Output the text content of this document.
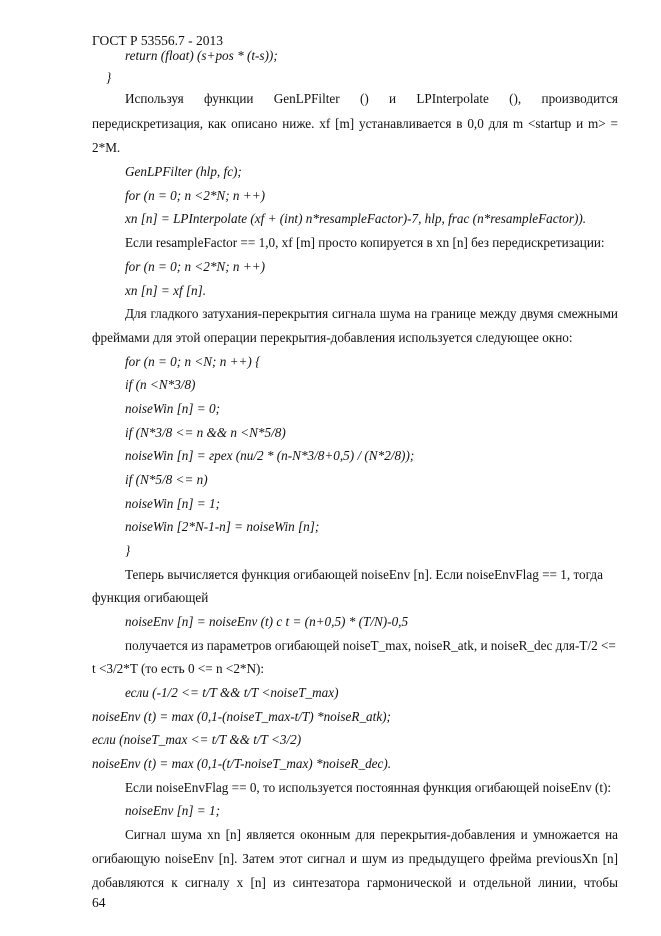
ГОСТ Р 53556.7 - 2013
return (float) (s+pos * (t-s));
}
Используя функции GenLPFilter () и LPInterpolate (), производится
передискретизация, как описано ниже. xf [m] устанавливается в 0,0 для m <startup и m> =
2*M.
GenLPFilter (hlp, fc);
for (n = 0; n <2*N; n ++)
xn [n] = LPInterpolate (xf + (int) n*resampleFactor)-7, hlp, frac (n*resampleFactor)).
Если resampleFactor == 1,0, xf [m] просто копируется в xn [n] без передискретизации:
for (n = 0; n <2*N; n ++)
xn [n] = xf [n].
Для гладкого затухания-перекрытия сигнала шума на границе между двумя смежными
фреймами для этой операции перекрытия-добавления используется следующее окно:
for (n = 0; n <N; n ++) {
if (n <N*3/8)
noiseWin [n] = 0;
if (N*3/8 <= n && n <N*5/8)
noiseWin [n] = гpex (nu/2 * (n-N*3/8+0,5) / (N*2/8));
if (N*5/8 <= n)
noiseWin [n] = 1;
noiseWin [2*N-1-n] = noiseWin [n];
}
Теперь вычисляется функция огибающей noiseEnv [n]. Если noiseEnvFlag == 1, тогда
функция огибающей
noiseEnv [n] = noiseEnv (t) c t = (n+0,5) * (T/N)-0,5
получается из параметров огибающей noiseT_max, noiseR_atk, и noiseR_dec для-T/2 <=
t <3/2*T (то есть 0 <= n <2*N):
если (-1/2 <= t/T && t/T <noiseT_max)
noiseEnv (t) = max (0,1-(noiseT_max-t/T) *noiseR_atk);
если (noiseT_max <= t/T && t/T <3/2)
noiseEnv (t) = max (0,1-(t/T-noiseT_max) *noiseR_dec).
Если noiseEnvFlag == 0, то используется постоянная функция огибающей noiseEnv (t):
noiseEnv [n] = 1;
Сигнал шума xn [n] является оконным для перекрытия-добавления и умножается на
огибающую noiseEnv [n]. Затем этот сигнал и шум из предыдущего фрейма previousXn [n]
добавляются к сигналу x [n] из синтезатора гармонической и отдельной линии, чтобы
64
